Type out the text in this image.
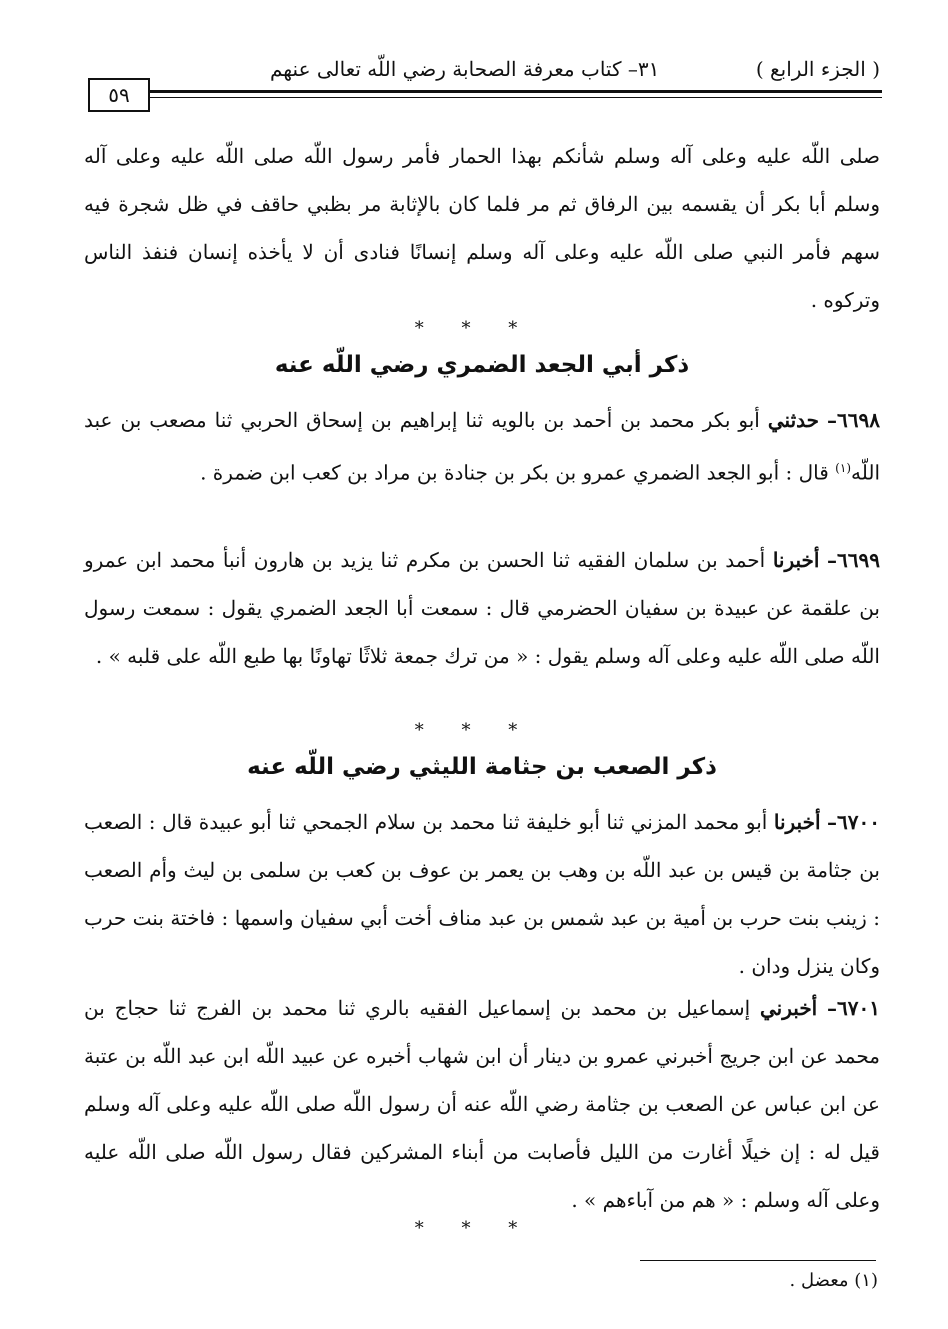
( الجزء الرابع )
٣١– كتاب معرفة الصحابة رضي اللّه تعالى عنهم
٥٩
صلى اللّه عليه وعلى آله وسلم شأنكم بهذا الحمار فأمر رسول اللّه صلى اللّه عليه وعلى آله وسلم أبا بكر أن يقسمه بين الرفاق ثم مر فلما كان بالإثابة مر بظبي حاقف في ظل شجرة فيه سهم فأمر النبي صلى اللّه عليه وعلى آله وسلم إنسانًا فنادى أن لا يأخذه إنسان فنفذ الناس وتركوه .
* * *
ذكر أبي الجعد الضمري رضي اللّه عنه
٦٦٩٨– حدثني أبو بكر محمد بن أحمد بن بالويه ثنا إبراهيم بن إسحاق الحربي ثنا مصعب بن عبد اللّه$^{(١)}$ قال : أبو الجعد الضمري عمرو بن بكر بن جنادة بن مراد بن كعب ابن ضمرة .
٦٦٩٩– أخبرنا أحمد بن سلمان الفقيه ثنا الحسن بن مكرم ثنا يزيد بن هارون أنبأ محمد ابن عمرو بن علقمة عن عبيدة بن سفيان الحضرمي قال : سمعت أبا الجعد الضمري يقول : سمعت رسول اللّه صلى اللّه عليه وعلى آله وسلم يقول : « من ترك جمعة ثلاثًا تهاونًا بها طبع اللّه على قلبه » .
* * *
ذكر الصعب بن جثامة الليثي رضي اللّه عنه
٦٧٠٠– أخبرنا أبو محمد المزني ثنا أبو خليفة ثنا محمد بن سلام الجمحي ثنا أبو عبيدة قال : الصعب بن جثامة بن قيس بن عبد اللّه بن وهب بن يعمر بن عوف بن كعب بن سلمى بن ليث وأم الصعب : زينب بنت حرب بن أمية بن عبد شمس بن عبد مناف أخت أبي سفيان واسمها : فاختة بنت حرب وكان ينزل ودان .
٦٧٠١– أخبرني إسماعيل بن محمد بن إسماعيل الفقيه بالري ثنا محمد بن الفرج ثنا حجاج بن محمد عن ابن جريج أخبرني عمرو بن دينار أن ابن شهاب أخبره عن عبيد اللّه ابن عبد اللّه بن عتبة عن ابن عباس عن الصعب بن جثامة رضي اللّه عنه أن رسول اللّه صلى اللّه عليه وعلى آله وسلم قيل له : إن خيلًا أغارت من الليل فأصابت من أبناء المشركين فقال رسول اللّه صلى اللّه عليه وعلى آله وسلم : « هم من آباءهم » .
* * *
(١) معضل .
